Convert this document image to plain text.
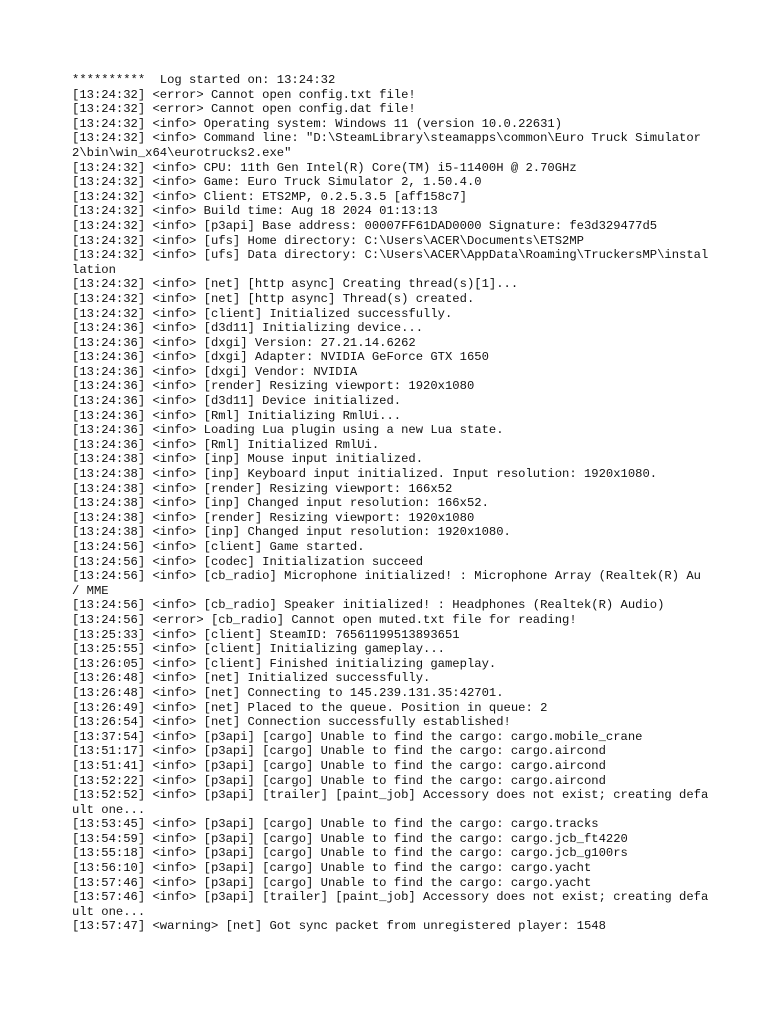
**********  Log started on: 13:24:32
[13:24:32] <error> Cannot open config.txt file!
[13:24:32] <error> Cannot open config.dat file!
[13:24:32] <info> Operating system: Windows 11 (version 10.0.22631)
[13:24:32] <info> Command line: "D:\SteamLibrary\steamapps\common\Euro Truck Simulator 2\bin\win_x64\eurotrucks2.exe"
[13:24:32] <info> CPU: 11th Gen Intel(R) Core(TM) i5-11400H @ 2.70GHz
[13:24:32] <info> Game: Euro Truck Simulator 2, 1.50.4.0
[13:24:32] <info> Client: ETS2MP, 0.2.5.3.5 [aff158c7]
[13:24:32] <info> Build time: Aug 18 2024 01:13:13
[13:24:32] <info> [p3api] Base address: 00007FF61DAD0000 Signature: fe3d329477d5
[13:24:32] <info> [ufs] Home directory: C:\Users\ACER\Documents\ETS2MP
[13:24:32] <info> [ufs] Data directory: C:\Users\ACER\AppData\Roaming\TruckersMP\installation
[13:24:32] <info> [net] [http async] Creating thread(s)[1]...
[13:24:32] <info> [net] [http async] Thread(s) created.
[13:24:32] <info> [client] Initialized successfully.
[13:24:36] <info> [d3d11] Initializing device...
[13:24:36] <info> [dxgi] Version: 27.21.14.6262
[13:24:36] <info> [dxgi] Adapter: NVIDIA GeForce GTX 1650
[13:24:36] <info> [dxgi] Vendor: NVIDIA
[13:24:36] <info> [render] Resizing viewport: 1920x1080
[13:24:36] <info> [d3d11] Device initialized.
[13:24:36] <info> [Rml] Initializing RmlUi...
[13:24:36] <info> Loading Lua plugin using a new Lua state.
[13:24:36] <info> [Rml] Initialized RmlUi.
[13:24:38] <info> [inp] Mouse input initialized.
[13:24:38] <info> [inp] Keyboard input initialized. Input resolution: 1920x1080.
[13:24:38] <info> [render] Resizing viewport: 166x52
[13:24:38] <info> [inp] Changed input resolution: 166x52.
[13:24:38] <info> [render] Resizing viewport: 1920x1080
[13:24:38] <info> [inp] Changed input resolution: 1920x1080.
[13:24:56] <info> [client] Game started.
[13:24:56] <info> [codec] Initialization succeed
[13:24:56] <info> [cb_radio] Microphone initialized! : Microphone Array (Realtek(R) Au / MME
[13:24:56] <info> [cb_radio] Speaker initialized! : Headphones (Realtek(R) Audio)
[13:24:56] <error> [cb_radio] Cannot open muted.txt file for reading!
[13:25:33] <info> [client] SteamID: 76561199513893651
[13:25:55] <info> [client] Initializing gameplay...
[13:26:05] <info> [client] Finished initializing gameplay.
[13:26:48] <info> [net] Initialized successfully.
[13:26:48] <info> [net] Connecting to 145.239.131.35:42701.
[13:26:49] <info> [net] Placed to the queue. Position in queue: 2
[13:26:54] <info> [net] Connection successfully established!
[13:37:54] <info> [p3api] [cargo] Unable to find the cargo: cargo.mobile_crane
[13:51:17] <info> [p3api] [cargo] Unable to find the cargo: cargo.aircond
[13:51:41] <info> [p3api] [cargo] Unable to find the cargo: cargo.aircond
[13:52:22] <info> [p3api] [cargo] Unable to find the cargo: cargo.aircond
[13:52:52] <info> [p3api] [trailer] [paint_job] Accessory does not exist; creating default one...
[13:53:45] <info> [p3api] [cargo] Unable to find the cargo: cargo.tracks
[13:54:59] <info> [p3api] [cargo] Unable to find the cargo: cargo.jcb_ft4220
[13:55:18] <info> [p3api] [cargo] Unable to find the cargo: cargo.jcb_g100rs
[13:56:10] <info> [p3api] [cargo] Unable to find the cargo: cargo.yacht
[13:57:46] <info> [p3api] [cargo] Unable to find the cargo: cargo.yacht
[13:57:46] <info> [p3api] [trailer] [paint_job] Accessory does not exist; creating default one...
[13:57:47] <warning> [net] Got sync packet from unregistered player: 1548
